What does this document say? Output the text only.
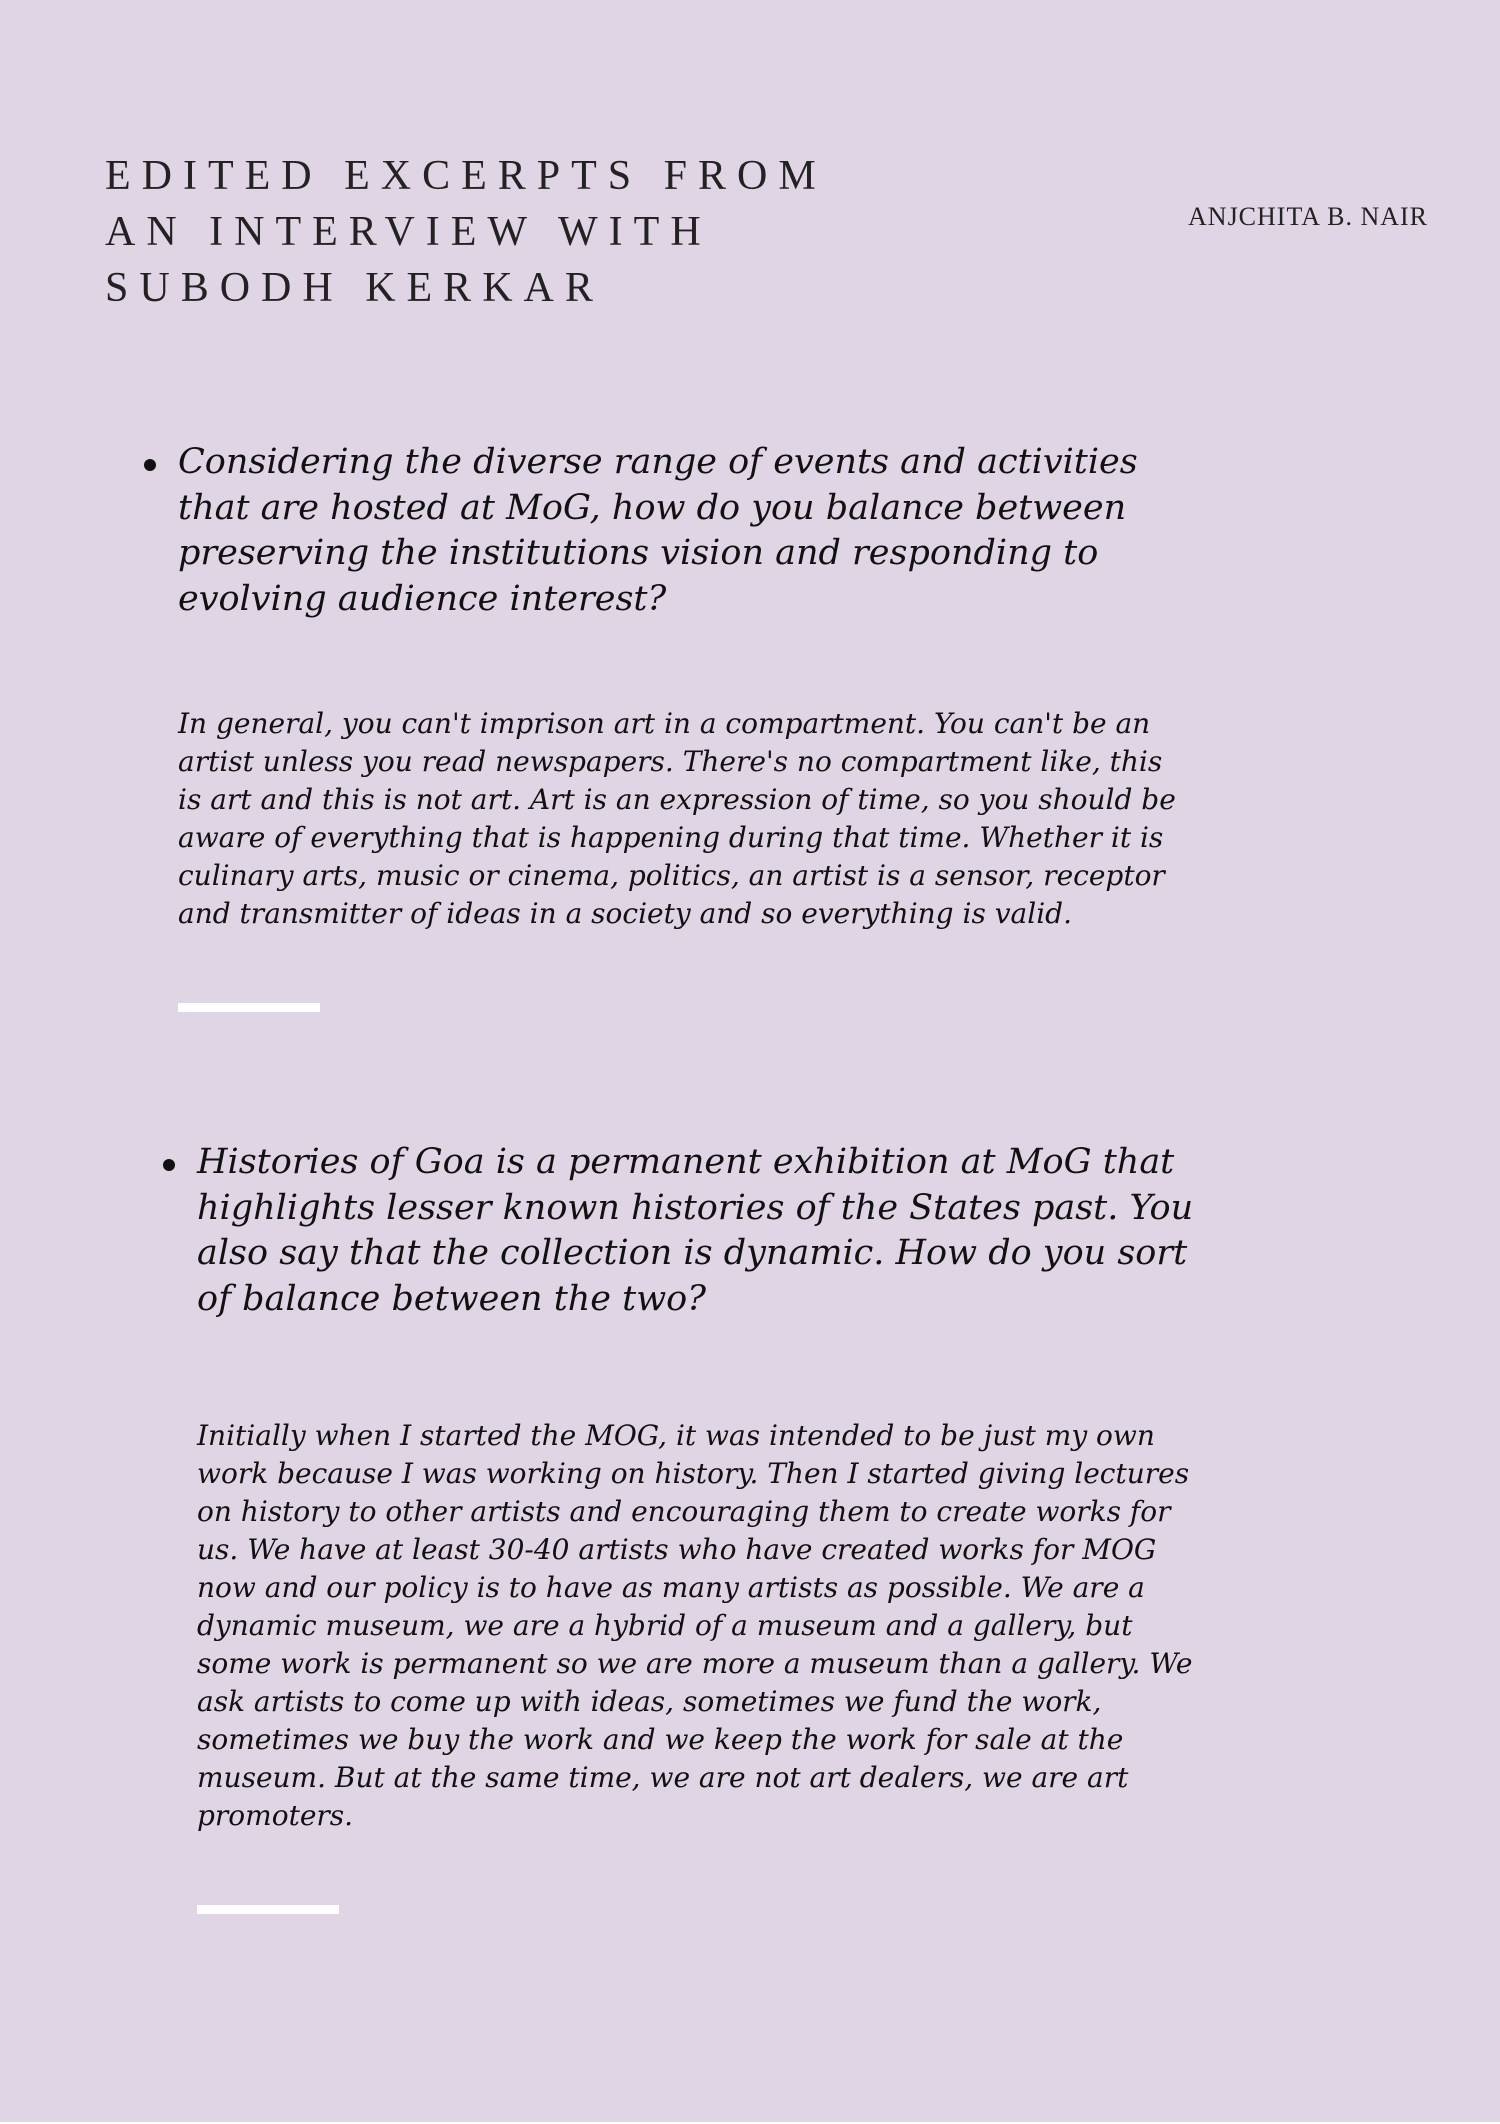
EDITED EXCERPTS FROM
AN INTERVIEW WITH
SUBODH KERKAR
ANJCHITA B. NAIR

Considering the diverse range of events and activities that are hosted at MoG, how do you balance between preserving the institutions vision and responding to evolving audience interest?

In general, you can't imprison art in a compartment. You can't be an artist unless you read newspapers. There's no compartment like, this is art and this is not art. Art is an expression of time, so you should be aware of everything that is happening during that time. Whether it is culinary arts, music or cinema, politics, an artist is a sensor, receptor and transmitter of ideas in a society and so everything is valid.

Histories of Goa is a permanent exhibition at MoG that highlights lesser known histories of the States past. You also say that the collection is dynamic. How do you sort of balance between the two?

Initially when I started the MOG, it was intended to be just my own work because I was working on history. Then I started giving lectures on history to other artists and encouraging them to create works for us. We have at least 30-40 artists who have created works for MOG now and our policy is to have as many artists as possible. We are a dynamic museum, we are a hybrid of a museum and a gallery, but some work is permanent so we are more a museum than a gallery. We ask artists to come up with ideas, sometimes we fund the work, sometimes we buy the work and we keep the work for sale at the museum. But at the same time, we are not art dealers, we are art promoters.
